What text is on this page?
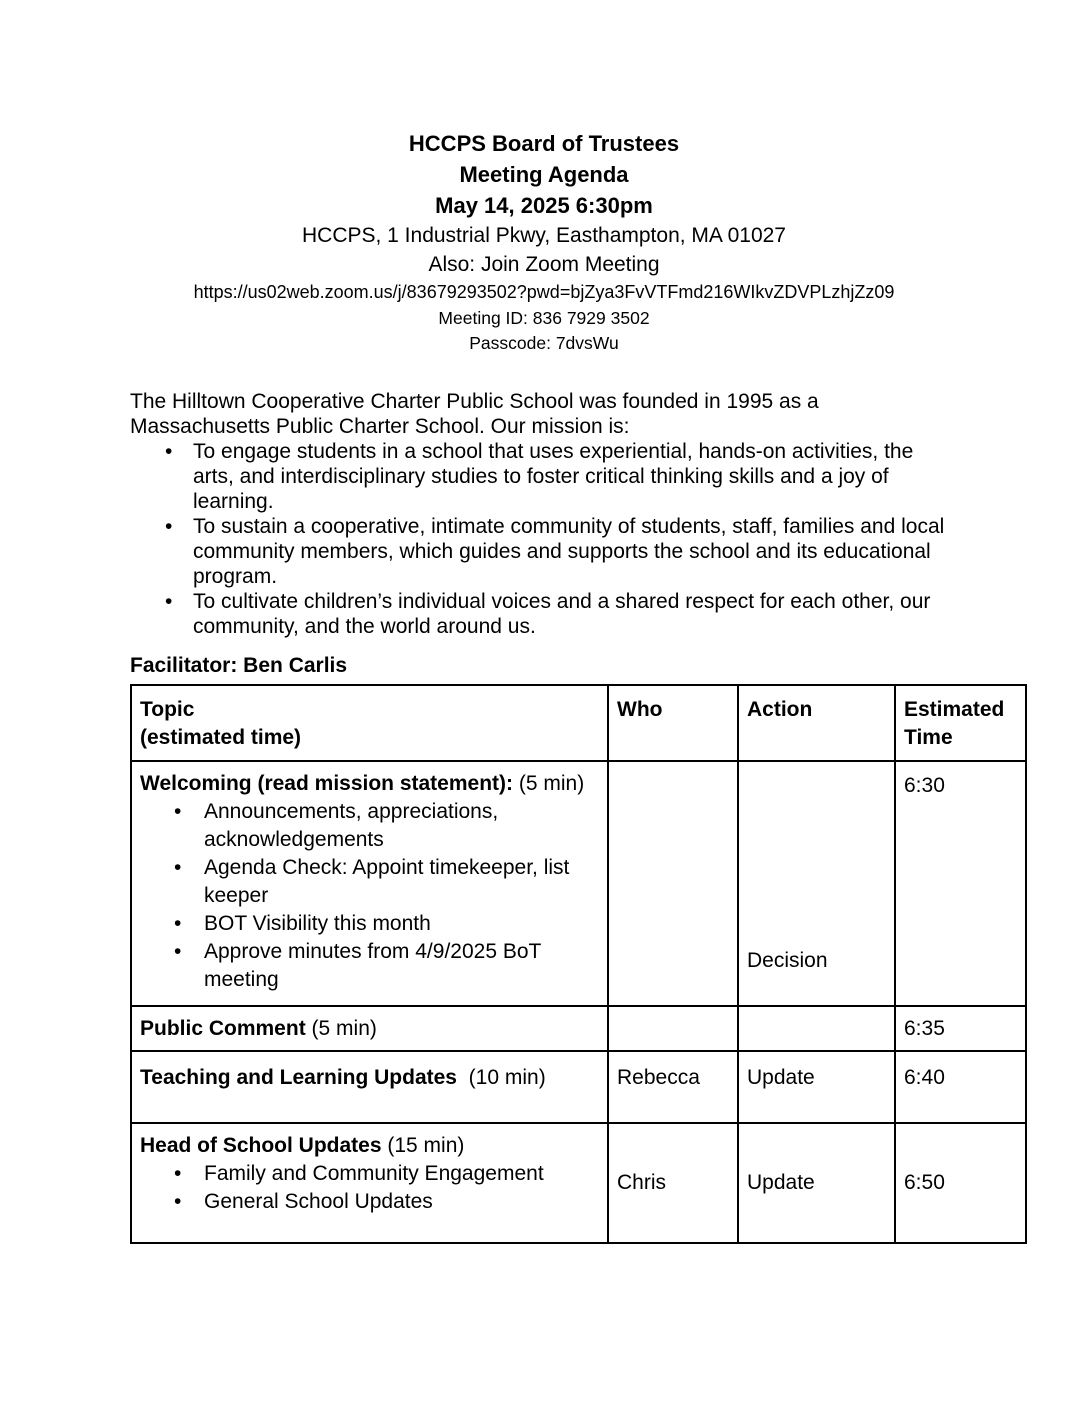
HCCPS Board of Trustees
Meeting Agenda
May 14, 2025 6:30pm
HCCPS, 1 Industrial Pkwy, Easthampton, MA 01027
Also: Join Zoom Meeting
https://us02web.zoom.us/j/83679293502?pwd=bjZya3FvVTFmd216WIkvZDVPLzhjZz09
Meeting ID: 836 7929 3502
Passcode: 7dvsWu

The Hilltown Cooperative Charter Public School was founded in 1995 as a Massachusetts Public Charter School. Our mission is:

• To engage students in a school that uses experiential, hands-on activities, the arts, and interdisciplinary studies to foster critical thinking skills and a joy of learning.
• To sustain a cooperative, intimate community of students, staff, families and local community members, which guides and supports the school and its educational program.
• To cultivate children’s individual voices and a shared respect for each other, our community, and the world around us.

Facilitator: Ben Carlis

Topic
(estimated time)	Who	Action	Estimated Time

Welcoming (read mission statement): (5 min)
• Announcements, appreciations, acknowledgements
• Agenda Check: Appoint timekeeper, list keeper
• BOT Visibility this month
• Approve minutes from 4/9/2025 BoT meeting
		Decision	6:30
Public Comment (5 min)			6:35
Teaching and Learning Updates  (10 min)	Rebecca	Update	6:40

Head of School Updates (15 min)
• Family and Community Engagement
• General School Updates
	Chris	Update	6:50
